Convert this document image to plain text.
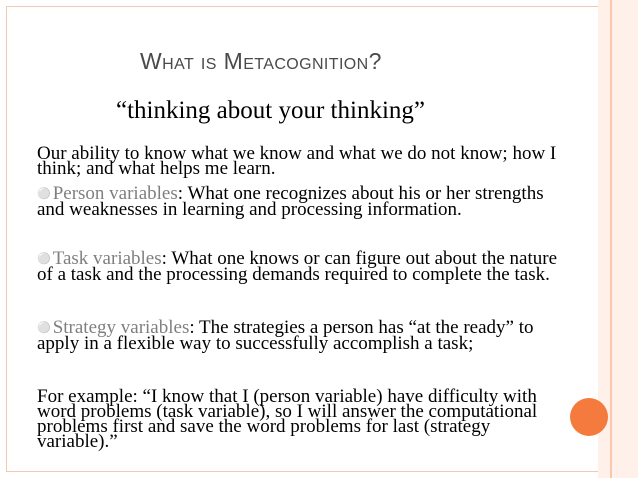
WHAT IS METACOGNITION?
“thinking about your thinking”

Our ability to know what we know and what we do not know; how I think; and what helps me learn.

⚪ Person variables: What one recognizes about his or her strengths and weaknesses in learning and processing information.

⚪ Task variables: What one knows or can figure out about the nature of a task and the processing demands required to complete the task.

⚪ Strategy variables: The strategies a person has “at the ready” to apply in a flexible way to successfully accomplish a task;

For example: “I know that I (person variable) have difficulty with word problems (task variable), so I will answer the computational problems first and save the word problems for last (strategy variable).”
